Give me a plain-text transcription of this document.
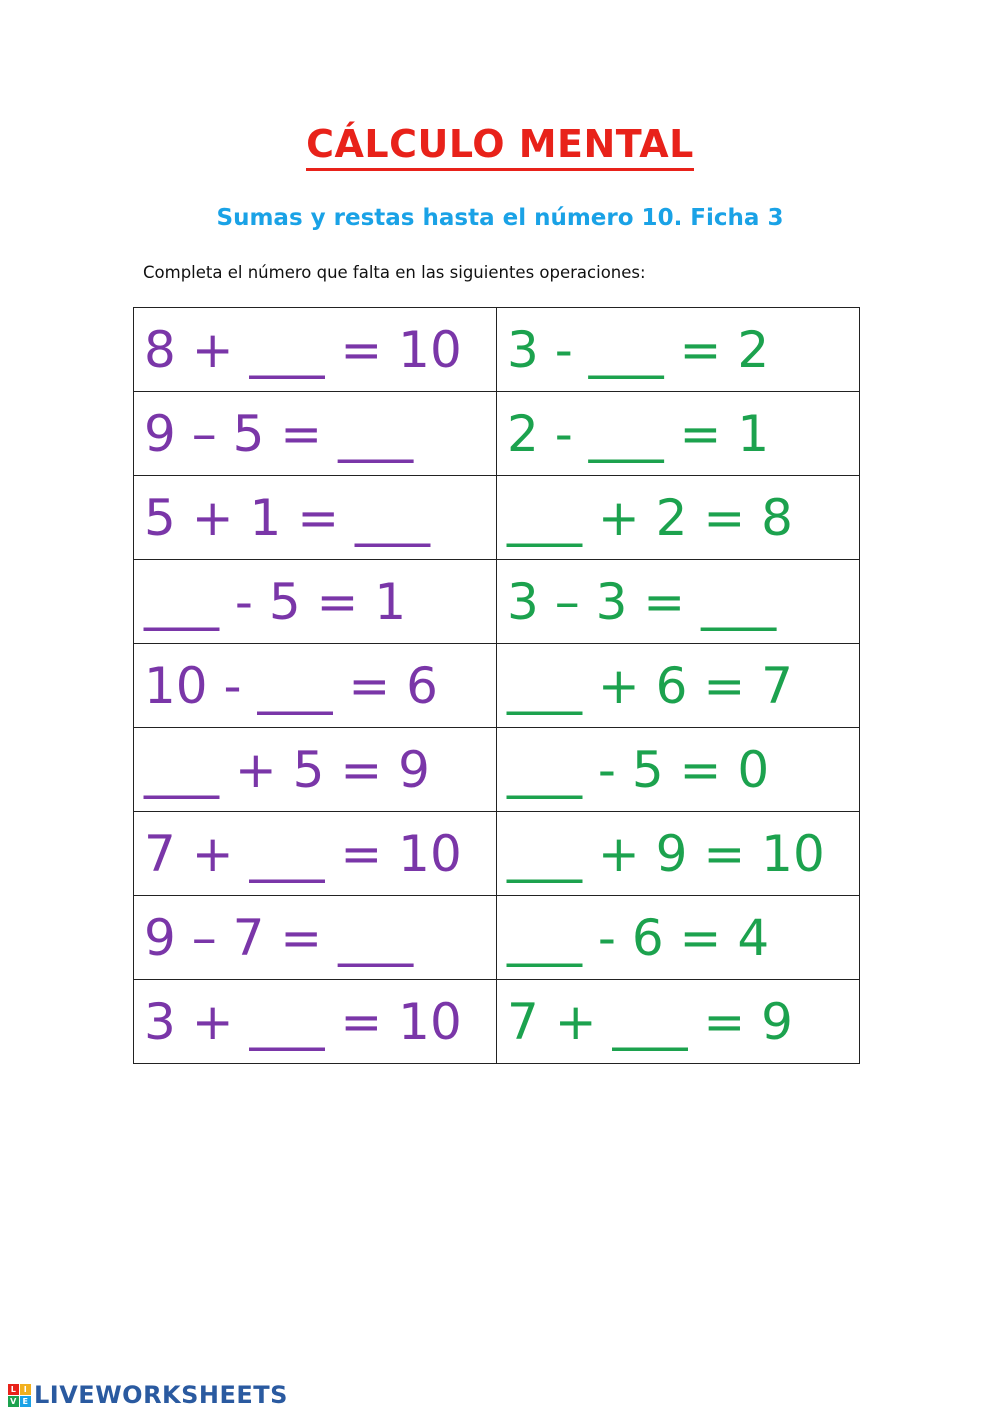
CÁLCULO MENTAL
Sumas y restas hasta el número 10. Ficha 3
Completa el número que falta en las siguientes operaciones:
8 + ___ = 10	3 - ___ = 2
9 – 5 = ___	2 - ___ = 1
5 + 1 = ___	___ + 2 = 8
___ - 5 = 1	3 – 3 = ___
10 - ___ = 6	___ + 6 = 7
___ + 5 = 9	___ - 5 = 0
7 + ___ = 10	___ + 9 = 10
9 – 7 = ___	___ - 6 = 4
3 + ___ = 10	7 + ___ = 9
L I
V E LIVEWORKSHEETS
